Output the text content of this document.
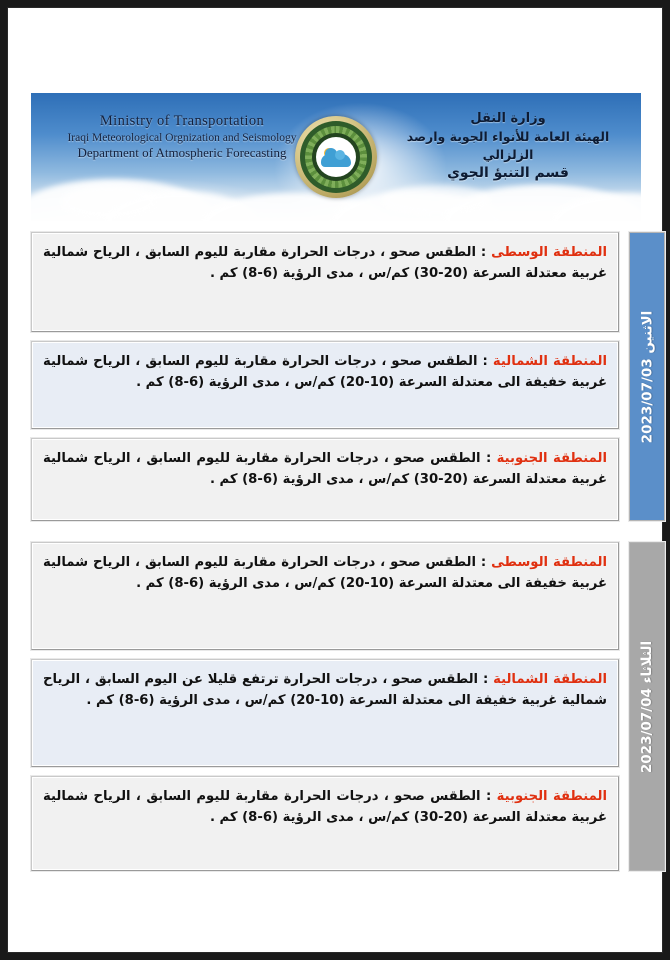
Ministry of Transportation
Iraqi Meteorological Orgnization and Seismology
Department of Atmospheric Forecasting
وزارة النقل
الهيئة العامة للأنواء الجوية وارصد الزلزالي
قسم التنبؤ الجوي
المنطقة الوسطى : الطقس صحو ، درجات الحرارة مقاربة لليوم السابق ، الرياح شمالية غربية معتدلة السرعة (20-30) كم/س ، مدى الرؤية (6-8) كم .
المنطقة الشمالية : الطقس صحو ، درجات الحرارة مقاربة لليوم السابق ، الرياح شمالية غربية خفيفة الى معتدلة السرعة (10-20) كم/س ، مدى الرؤية (6-8) كم .
المنطقة الجنوبية : الطقس صحو ، درجات الحرارة مقاربة لليوم السابق ، الرياح شمالية غربية معتدلة السرعة (20-30) كم/س ، مدى الرؤية (6-8) كم .
الاثنين 2023/07/03
المنطقة الوسطى : الطقس صحو ، درجات الحرارة مقاربة لليوم السابق ، الرياح شمالية غربية خفيفة الى معتدلة السرعة (10-20) كم/س ، مدى الرؤية (6-8) كم .
المنطقة الشمالية : الطقس صحو ، درجات الحرارة ترتفع قليلا عن اليوم السابق ، الرياح شمالية غربية خفيفة الى معتدلة السرعة (10-20) كم/س ، مدى الرؤية (6-8) كم .
المنطقة الجنوبية : الطقس صحو ، درجات الحرارة مقاربة لليوم السابق ، الرياح شمالية غربية معتدلة السرعة (20-30) كم/س ، مدى الرؤية (6-8) كم .
الثلاثاء 2023/07/04
